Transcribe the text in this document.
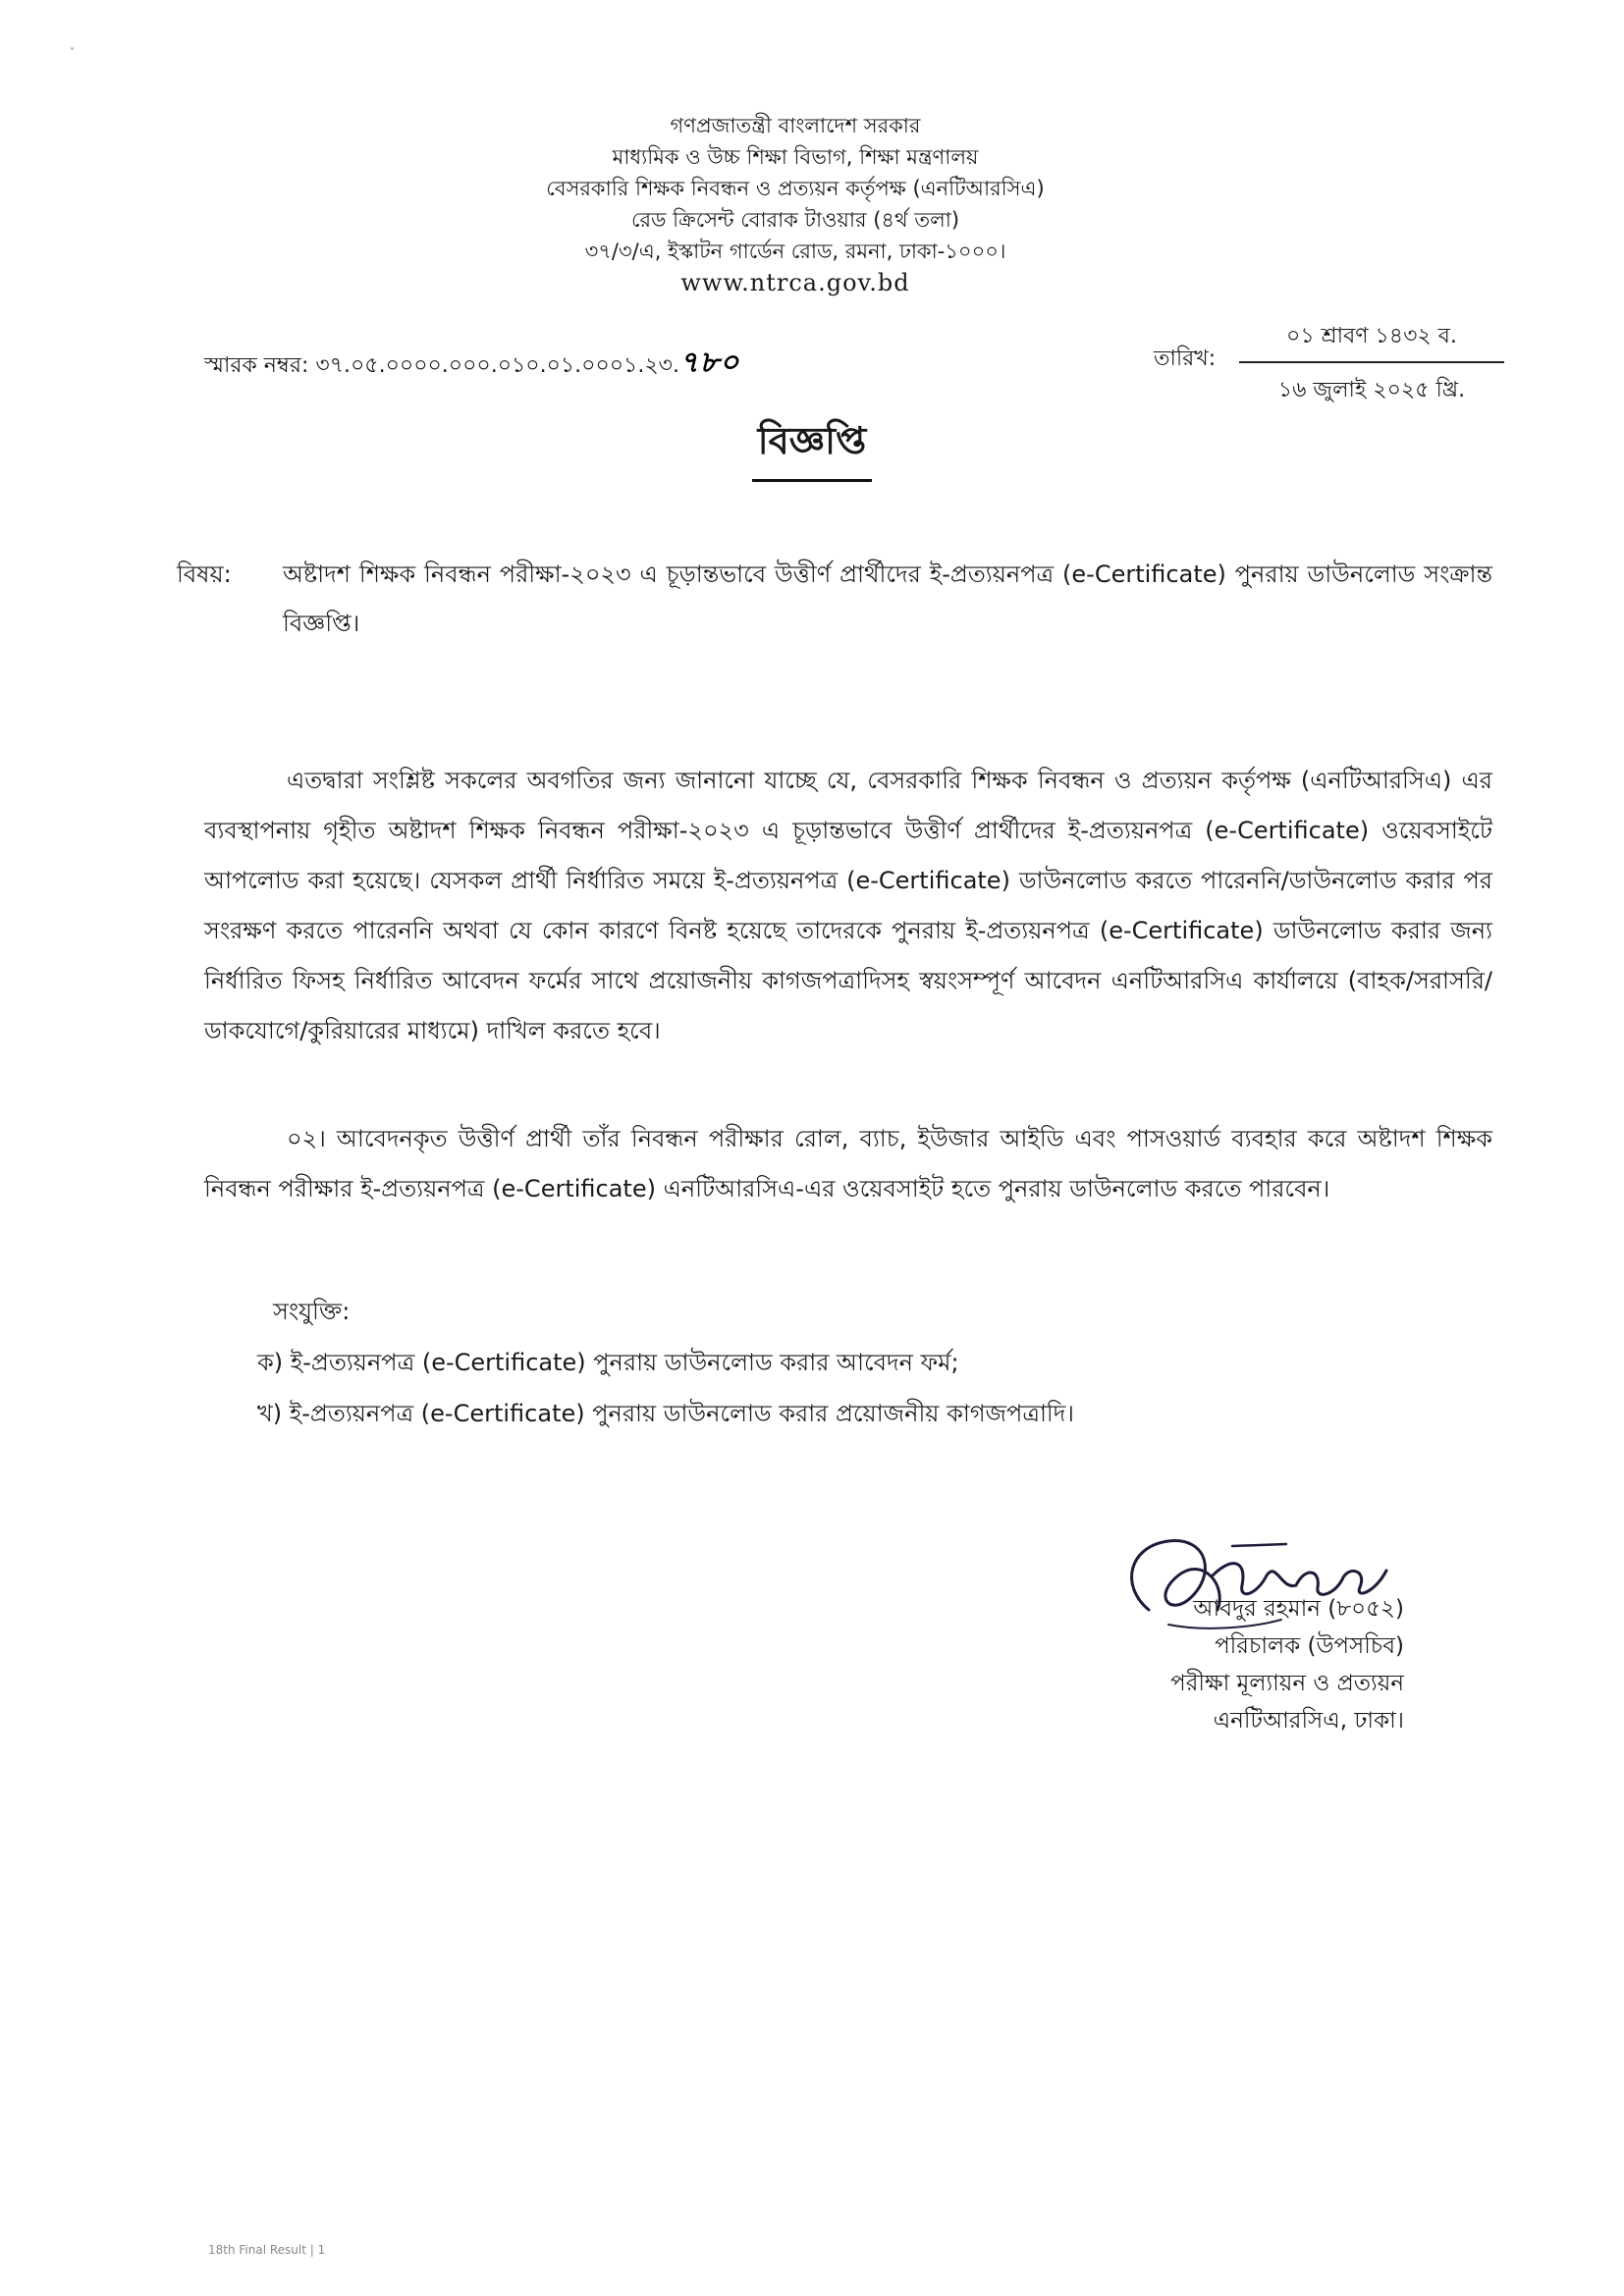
গণপ্রজাতন্ত্রী বাংলাদেশ সরকার
মাধ্যমিক ও উচ্চ শিক্ষা বিভাগ, শিক্ষা মন্ত্রণালয়
বেসরকারি শিক্ষক নিবন্ধন ও প্রত্যয়ন কর্তৃপক্ষ (এনটিআরসিএ)
রেড ক্রিসেন্ট বোরাক টাওয়ার (৪র্থ তলা)
৩৭/৩/এ, ইস্কাটন গার্ডেন রোড, রমনা, ঢাকা-১০০০।
www.ntrca.gov.bd
স্মারক নম্বর: ৩৭.০৫.০০০০.০০০.০১০.০১.০০০১.২৩.৭৮০	তারিখ:
০১ শ্রাবণ ১৪৩২ ব.
১৬ জুলাই ২০২৫ খ্রি.
বিজ্ঞপ্তি
বিষয়:	অষ্টাদশ শিক্ষক নিবন্ধন পরীক্ষা-২০২৩ এ চূড়ান্তভাবে উত্তীর্ণ প্রার্থীদের ই-প্রত্যয়নপত্র (e-Certificate) পুনরায় ডাউনলোড সংক্রান্ত বিজ্ঞপ্তি।
এতদ্বারা সংশ্লিষ্ট সকলের অবগতির জন্য জানানো যাচ্ছে যে, বেসরকারি শিক্ষক নিবন্ধন ও প্রত্যয়ন কর্তৃপক্ষ (এনটিআরসিএ) এর ব্যবস্থাপনায় গৃহীত অষ্টাদশ শিক্ষক নিবন্ধন পরীক্ষা-২০২৩ এ চূড়ান্তভাবে উত্তীর্ণ প্রার্থীদের ই-প্রত্যয়নপত্র (e-Certificate) ওয়েবসাইটে আপলোড করা হয়েছে। যেসকল প্রার্থী নির্ধারিত সময়ে ই-প্রত্যয়নপত্র (e-Certificate) ডাউনলোড করতে পারেননি/ডাউনলোড করার পর সংরক্ষণ করতে পারেননি অথবা যে কোন কারণে বিনষ্ট হয়েছে তাদেরকে পুনরায় ই-প্রত্যয়নপত্র (e-Certificate) ডাউনলোড করার জন্য নির্ধারিত ফিসহ নির্ধারিত আবেদন ফর্মের সাথে প্রয়োজনীয় কাগজপত্রাদিসহ স্বয়ংসম্পূর্ণ আবেদন এনটিআরসিএ কার্যালয়ে (বাহক/সরাসরি/ডাকযোগে/কুরিয়ারের মাধ্যমে) দাখিল করতে হবে।
০২। আবেদনকৃত উত্তীর্ণ প্রার্থী তাঁর নিবন্ধন পরীক্ষার রোল, ব্যাচ, ইউজার আইডি এবং পাসওয়ার্ড ব্যবহার করে অষ্টাদশ শিক্ষক নিবন্ধন পরীক্ষার ই-প্রত্যয়নপত্র (e-Certificate) এনটিআরসিএ-এর ওয়েবসাইট হতে পুনরায় ডাউনলোড করতে পারবেন।
সংযুক্তি:
ক) ই-প্রত্যয়নপত্র (e-Certificate) পুনরায় ডাউনলোড করার আবেদন ফর্ম;
খ) ই-প্রত্যয়নপত্র (e-Certificate) পুনরায় ডাউনলোড করার প্রয়োজনীয় কাগজপত্রাদি।
আবদুর রহমান (৮০৫২)
পরিচালক (উপসচিব)
পরীক্ষা মূল্যায়ন ও প্রত্যয়ন
এনটিআরসিএ, ঢাকা।
18th Final Result | 1
